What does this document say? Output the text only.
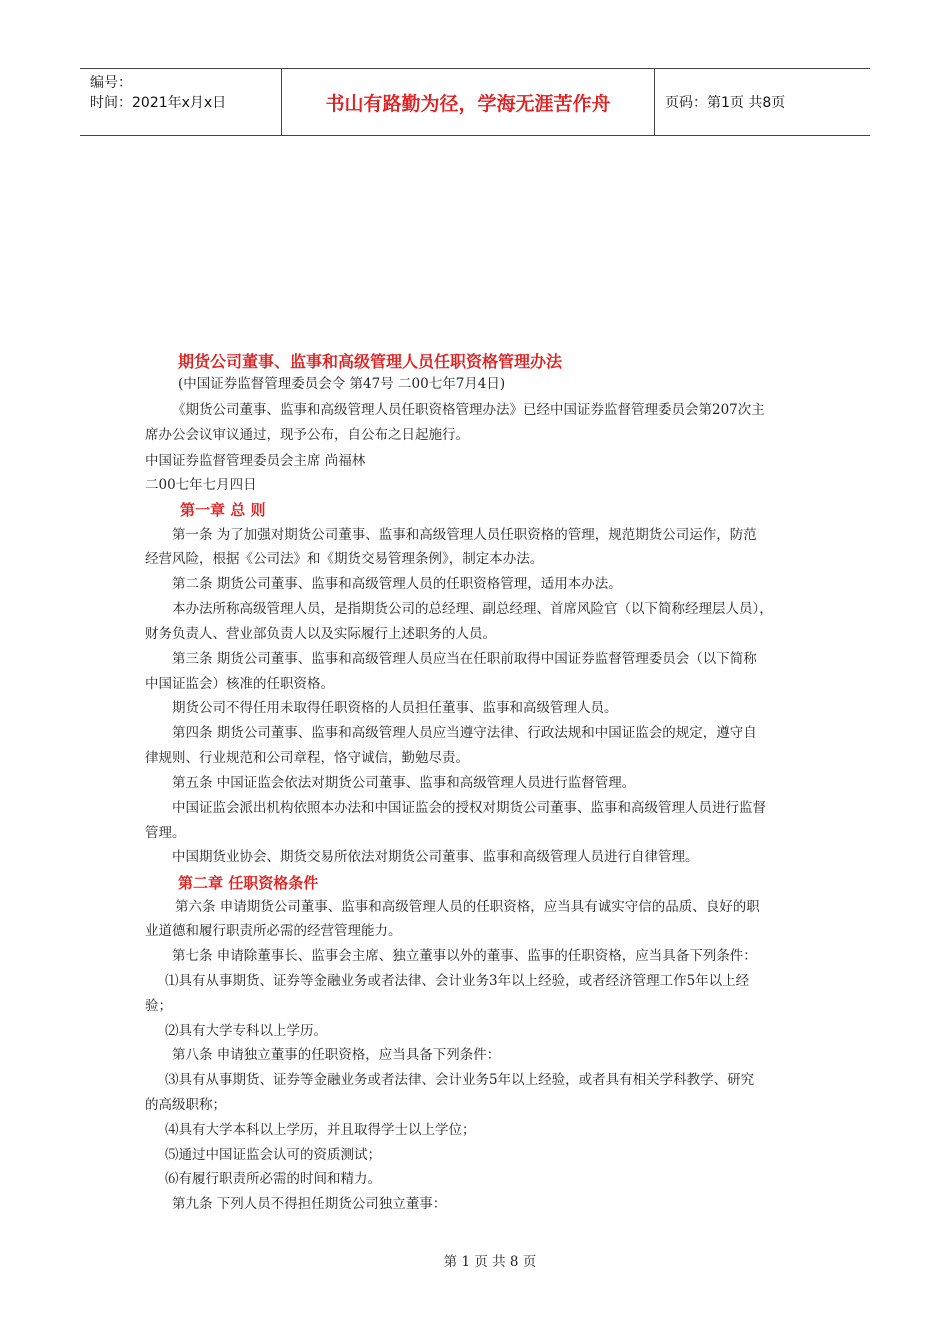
编号：
时间：2021年x月x日	书山有路勤为径，学海无涯苦作舟	页码：第1页 共8页
期货公司董事、监事和高级管理人员任职资格管理办法
(中国证券监督管理委员会令 第47号 二00七年7月4日)
《期货公司董事、监事和高级管理人员任职资格管理办法》已经中国证券监督管理委员会第207次主
席办公会议审议通过，现予公布，自公布之日起施行。
中国证券监督管理委员会主席 尚福林
二00七年七月四日
第一章 总 则
第一条 为了加强对期货公司董事、监事和高级管理人员任职资格的管理，规范期货公司运作，防范
经营风险，根据《公司法》和《期货交易管理条例》，制定本办法。
第二条 期货公司董事、监事和高级管理人员的任职资格管理，适用本办法。
本办法所称高级管理人员，是指期货公司的总经理、副总经理、首席风险官（以下简称经理层人员），
财务负责人、营业部负责人以及实际履行上述职务的人员。
第三条 期货公司董事、监事和高级管理人员应当在任职前取得中国证券监督管理委员会（以下简称
中国证监会）核准的任职资格。
期货公司不得任用未取得任职资格的人员担任董事、监事和高级管理人员。
第四条 期货公司董事、监事和高级管理人员应当遵守法律、行政法规和中国证监会的规定，遵守自
律规则、行业规范和公司章程，恪守诚信，勤勉尽责。
第五条 中国证监会依法对期货公司董事、监事和高级管理人员进行监督管理。
中国证监会派出机构依照本办法和中国证监会的授权对期货公司董事、监事和高级管理人员进行监督
管理。
中国期货业协会、期货交易所依法对期货公司董事、监事和高级管理人员进行自律管理。
第二章 任职资格条件
第六条 申请期货公司董事、监事和高级管理人员的任职资格，应当具有诚实守信的品质、良好的职
业道德和履行职责所必需的经营管理能力。
第七条 申请除董事长、监事会主席、独立董事以外的董事、监事的任职资格，应当具备下列条件：
⑴具有从事期货、证券等金融业务或者法律、会计业务3年以上经验，或者经济管理工作5年以上经
验；
⑵具有大学专科以上学历。
第八条 申请独立董事的任职资格，应当具备下列条件：
⑶具有从事期货、证券等金融业务或者法律、会计业务5年以上经验，或者具有相关学科教学、研究
的高级职称；
⑷具有大学本科以上学历，并且取得学士以上学位；
⑸通过中国证监会认可的资质测试；
⑹有履行职责所必需的时间和精力。
第九条 下列人员不得担任期货公司独立董事：
第 1 页 共 8 页
